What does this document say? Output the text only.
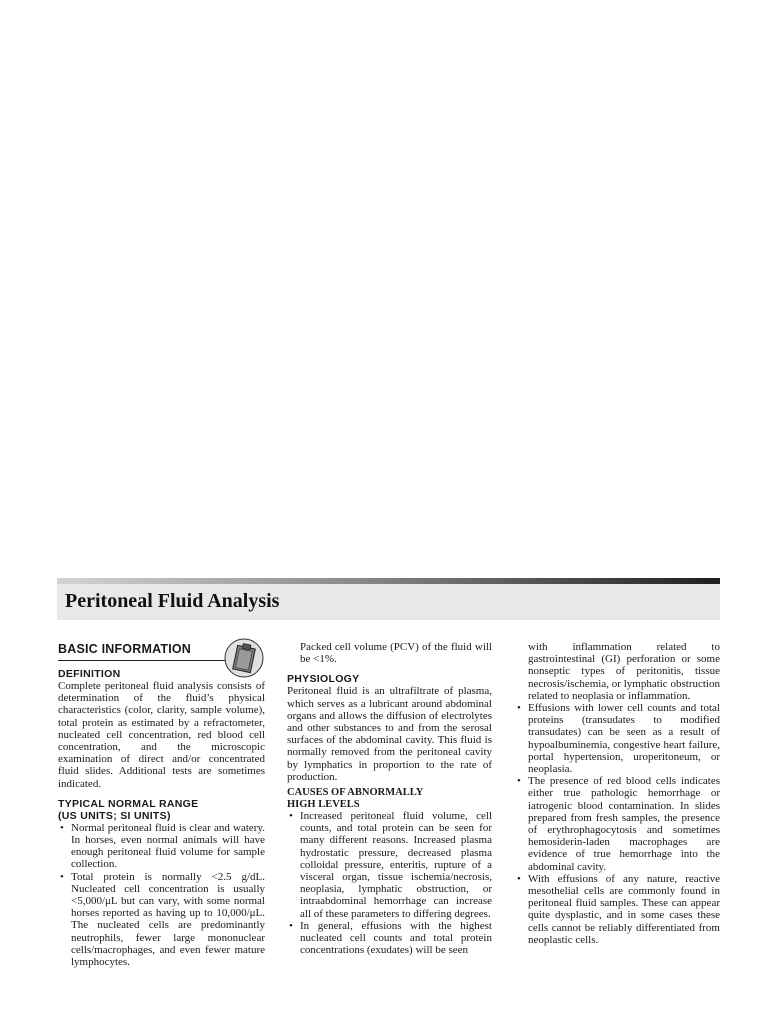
Peritoneal Fluid Analysis
BASIC INFORMATION
DEFINITION

Complete peritoneal fluid analysis consists of determination of the fluid’s physical characteristics (color, clarity, sample volume), total protein as estimated by a refractometer, nucleated cell concentration, red blood cell concentration, and the microscopic examination of direct and/or concentrated fluid slides. Additional tests are sometimes indicated.

TYPICAL NORMAL RANGE
(US UNITS; SI UNITS)
• Normal peritoneal fluid is clear and watery. In horses, even normal animals will have enough peritoneal fluid volume for sample collection.
• Total protein is normally <2.5 g/dL. Nucleated cell concentration is usually <5,000/μL but can vary, with some normal horses reported as having up to 10,000/μL. The nucleated cells are predominantly neutrophils, fewer large mononuclear cells/macrophages, and even fewer mature lymphocytes.

Packed cell volume (PCV) of the fluid will be <1%.

PHYSIOLOGY

Peritoneal fluid is an ultrafiltrate of plasma, which serves as a lubricant around abdominal organs and allows the diffusion of electrolytes and other substances to and from the serosal surfaces of the abdominal cavity. This fluid is normally removed from the peritoneal cavity by lymphatics in proportion to the rate of production.

CAUSES OF ABNORMALLY
HIGH LEVELS
• Increased peritoneal fluid volume, cell counts, and total protein can be seen for many different reasons. Increased plasma hydrostatic pressure, decreased plasma colloidal pressure, enteritis, rupture of a visceral organ, tissue ischemia/necrosis, neoplasia, lymphatic obstruction, or intraabdominal hemorrhage can increase all of these parameters to differing degrees.
• In general, effusions with the highest nucleated cell counts and total protein concentrations (exudates) will be seen

with inflammation related to gastrointestinal (GI) perforation or some nonseptic types of peritonitis, tissue necrosis/ischemia, or lymphatic obstruction related to neoplasia or inflammation.

• Effusions with lower cell counts and total proteins (transudates to modified transudates) can be seen as a result of hypoalbuminemia, congestive heart failure, portal hypertension, uroperitoneum, or neoplasia.
• The presence of red blood cells indicates either true pathologic hemorrhage or iatrogenic blood contamination. In slides prepared from fresh samples, the presence of erythrophagocytosis and sometimes hemosiderin-laden macrophages are evidence of true hemorrhage into the abdominal cavity.
• With effusions of any nature, reactive mesothelial cells are commonly found in peritoneal fluid samples. These can appear quite dysplastic, and in some cases these cells cannot be reliably differentiated from neoplastic cells.
